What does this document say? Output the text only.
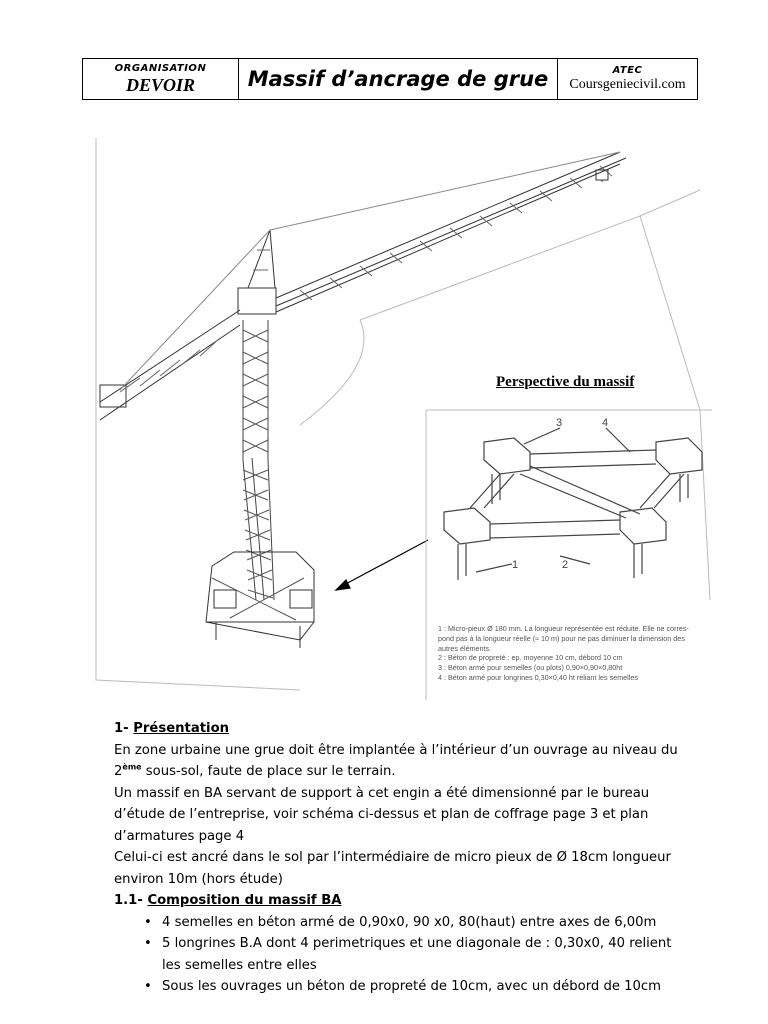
ORGANISATION
DEVOIR	Massif d’ancrage de grue	ATEC
Coursgeniecivil.com
1	2
3	4
Perspective du massif
1 : Micro-pieux Ø 180 mm. La longueur représentée est réduite. Elle ne corres-
pond pas à la longueur réelle (≈ 10 m) pour ne pas diminuer la dimension des
autres éléments.
2 : Béton de propreté : ep. moyenne 10 cm, débord 10 cm
3 : Béton armé pour semelles (ou plots) 0,90×0,90×0,80ht
4 : Béton armé pour longrines 0,30×0,40 ht reliant les semelles

1- Présentation

En zone urbaine une grue doit être implantée à l’intérieur d’un ouvrage au niveau du

2ème sous-sol, faute de place sur le terrain.

Un massif en BA servant de support à cet engin a été dimensionné par le bureau

d’étude de l’entreprise, voir schéma ci-dessus et plan de coffrage page 3 et plan

d’armatures page 4

Celui-ci est ancré dans le sol par l’intermédiaire de micro pieux de Ø 18cm longueur

environ 10m (hors étude)

1.1- Composition du massif BA

• 4 semelles en béton armé de 0,90x0, 90 x0, 80(haut) entre axes de 6,00m
• 5 longrines B.A dont 4 perimetriques et une diagonale de : 0,30x0, 40 relient
les semelles entre elles
• Sous les ouvrages un béton de propreté de 10cm, avec un débord de 10cm
